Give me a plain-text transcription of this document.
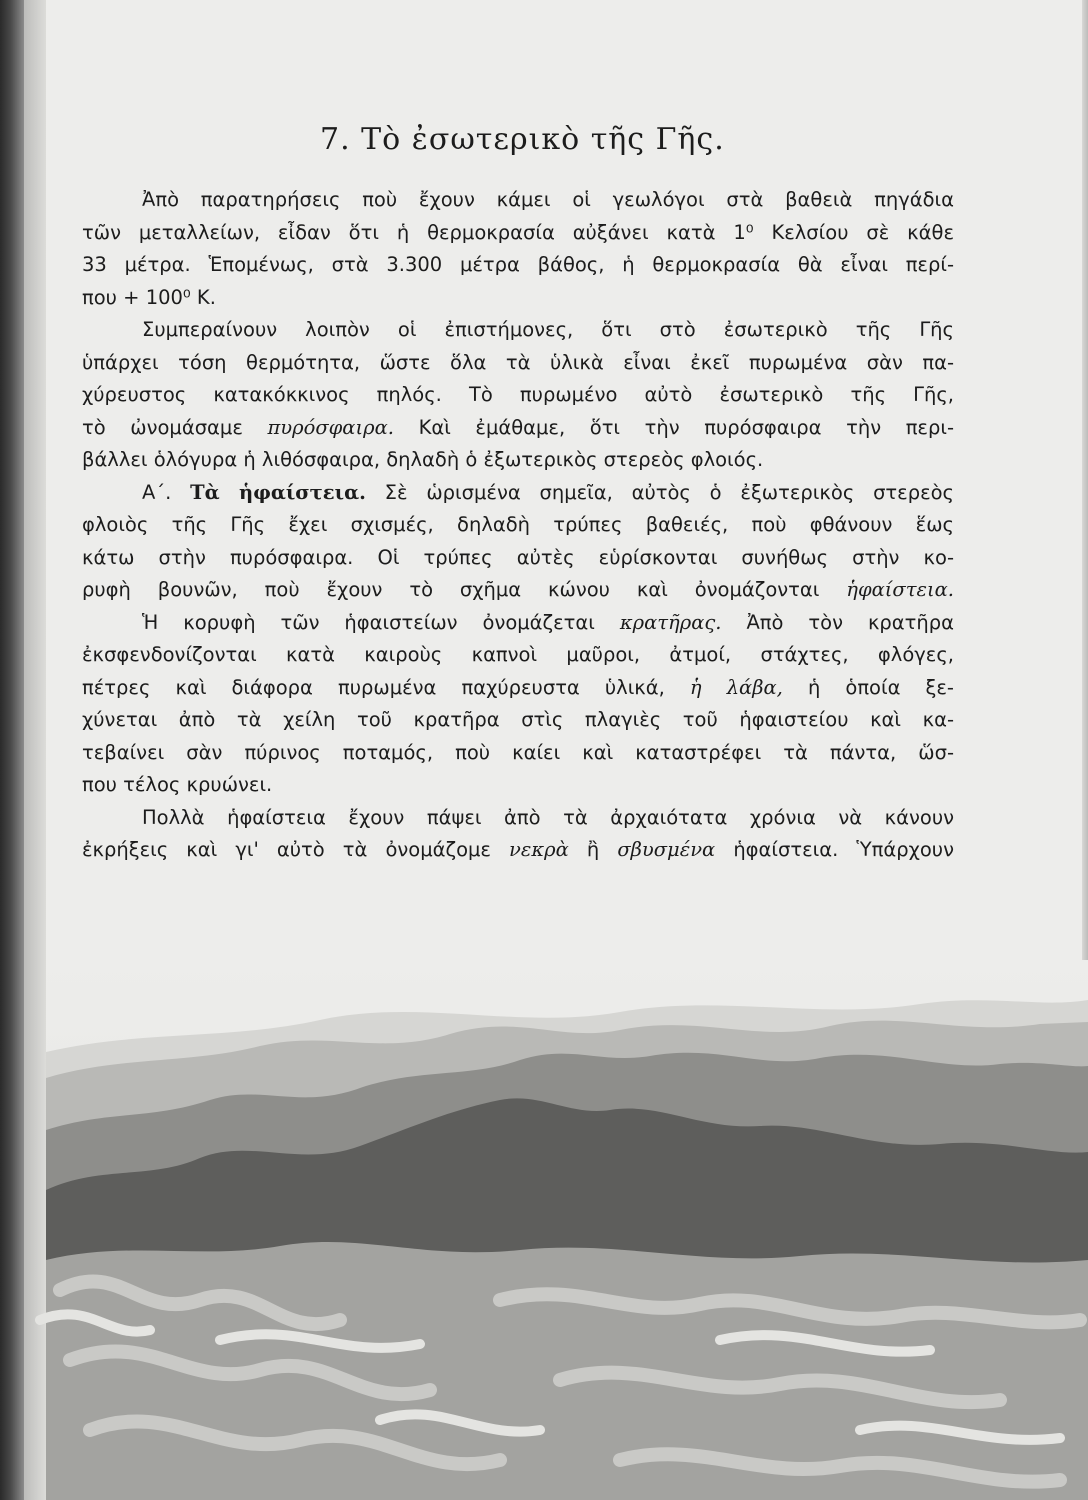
7. Τὸ ἐσωτερικὸ τῆς Γῆς.

Ἀπὸ παρατηρήσεις ποὺ ἔχουν κάμει οἱ γεωλόγοι στὰ βαθειὰ πηγάδια

τῶν μεταλλείων, εἶδαν ὅτι ἡ θερμοκρασία αὐξάνει κατὰ 1⁰ Κελσίου σὲ κάθε

33 μέτρα. Ἑπομένως, στὰ 3.300 μέτρα βάθος, ἡ θερμοκρασία θὰ εἶναι περί-

που + 100⁰ Κ.

Συμπεραίνουν λοιπὸν οἱ ἐπιστήμονες, ὅτι στὸ ἐσωτερικὸ τῆς Γῆς

ὑπάρχει τόση θερμότητα, ὥστε ὅλα τὰ ὑλικὰ εἶναι ἐκεῖ πυρωμένα σὰν πα-

χύρευστος κατακόκκινος πηλός. Τὸ πυρωμένο αὐτὸ ἐσωτερικὸ τῆς Γῆς,

τὸ ὠνομάσαμε πυρόσφαιρα. Καὶ ἐμάθαμε, ὅτι τὴν πυρόσφαιρα τὴν περι-

βάλλει ὁλόγυρα ἡ λιθόσφαιρα, δηλαδὴ ὁ ἐξωτερικὸς στερεὸς φλοιός.

Α΄. Τὰ ἡφαίστεια. Σὲ ὡρισμένα σημεῖα, αὐτὸς ὁ ἐξωτερικὸς στερεὸς

φλοιὸς τῆς Γῆς ἔχει σχισμές, δηλαδὴ τρύπες βαθειές, ποὺ φθάνουν ἕως

κάτω στὴν πυρόσφαιρα. Οἱ τρύπες αὐτὲς εὑρίσκονται συνήθως στὴν κο-

ρυφὴ βουνῶν, ποὺ ἔχουν τὸ σχῆμα κώνου καὶ ὀνομάζονται ἡφαίστεια.

Ἡ κορυφὴ τῶν ἡφαιστείων ὀνομάζεται κρατῆρας. Ἀπὸ τὸν κρατῆρα

ἐκσφενδονίζονται κατὰ καιροὺς καπνοὶ μαῦροι, ἀτμοί, στάχτες, φλόγες,

πέτρες καὶ διάφορα πυρωμένα παχύρευστα ὑλικά, ἡ λάβα, ἡ ὁποία ξε-

χύνεται ἀπὸ τὰ χείλη τοῦ κρατῆρα στὶς πλαγιὲς τοῦ ἡφαιστείου καὶ κα-

τεβαίνει σὰν πύρινος ποταμός, ποὺ καίει καὶ καταστρέφει τὰ πάντα, ὥσ-

που τέλος κρυώνει.

Πολλὰ ἡφαίστεια ἔχουν πάψει ἀπὸ τὰ ἀρχαιότατα χρόνια νὰ κάνουν

ἐκρήξεις καὶ γι' αὐτὸ τὰ ὀνομάζομε νεκρὰ ἢ σβυσμένα ἡφαίστεια. Ὑπάρχουν
